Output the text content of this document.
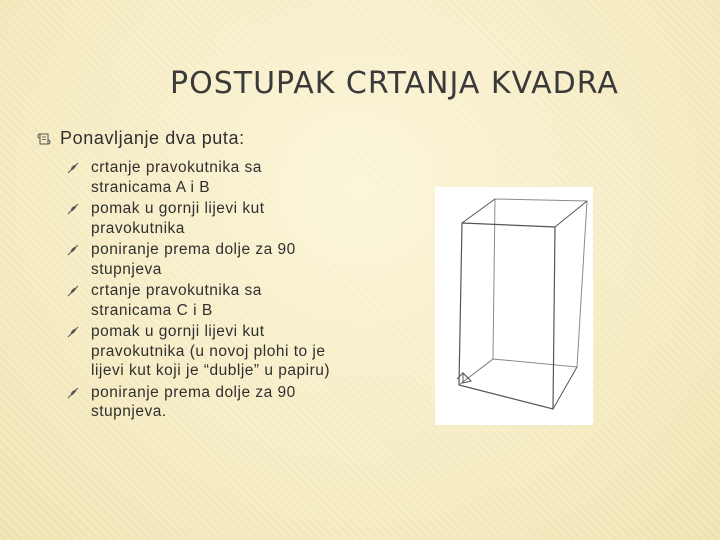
POSTUPAK CRTANJA KVADRA
Ponavljanje dva puta:
crtanje pravokutnika sa stranicama A i B
pomak u gornji lijevi kut pravokutnika
poniranje prema dolje za 90 stupnjeva
crtanje pravokutnika sa stranicama C i B
pomak u gornji lijevi kut pravokutnika (u novoj plohi to je lijevi kut koji je “dublje” u papiru)
poniranje prema dolje za 90 stupnjeva.
